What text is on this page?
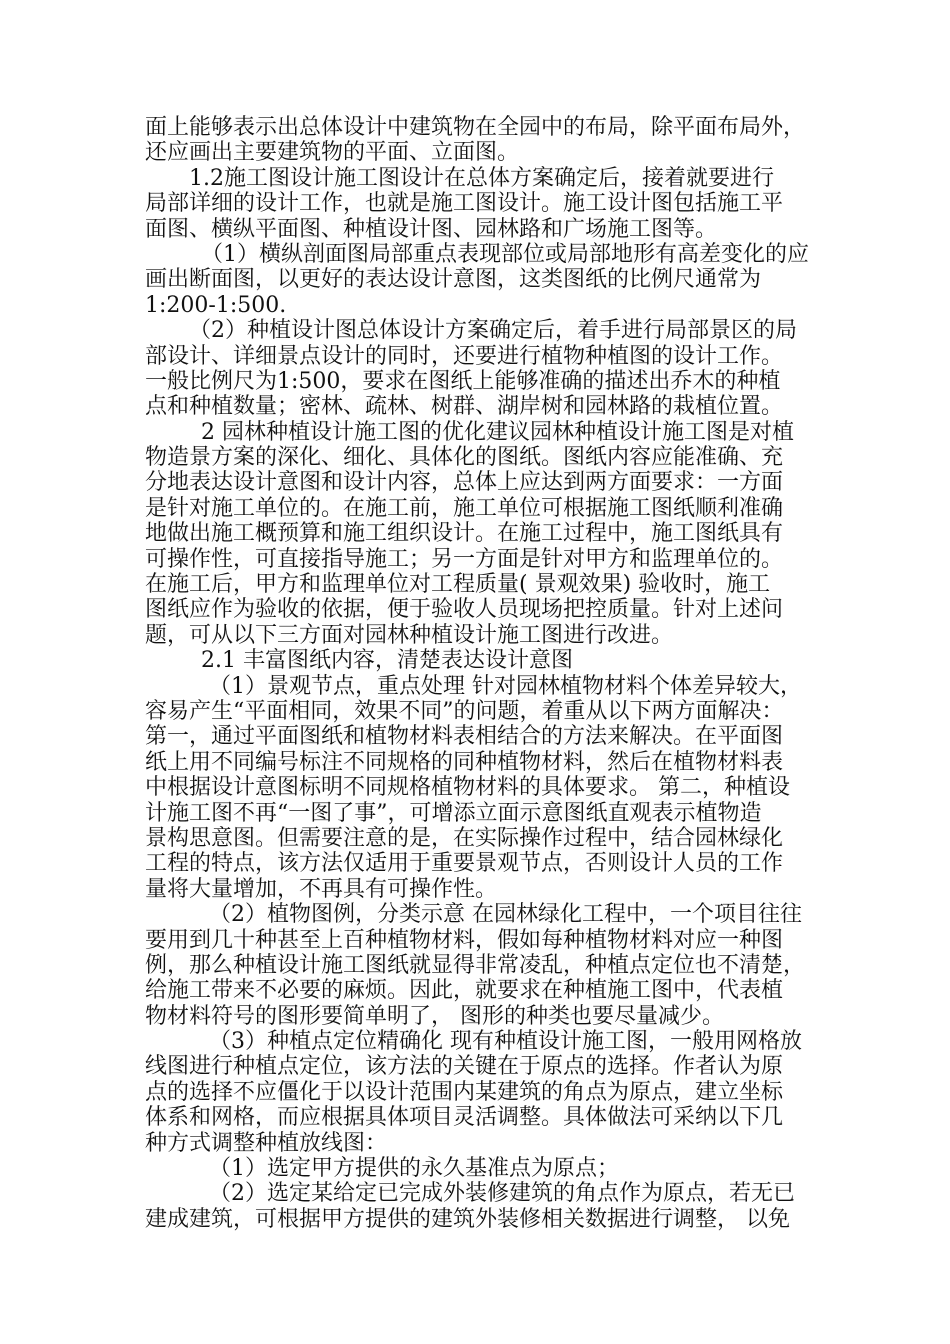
面上能够表示出总体设计中建筑物在全园中的布局，除平面布局外，
还应画出主要建筑物的平面、立面图。
1.2施工图设计施工图设计在总体方案确定后，接着就要进行
局部详细的设计工作，也就是施工图设计。施工设计图包括施工平
面图、横纵平面图、种植设计图、园林路和广场施工图等。
（1）横纵剖面图局部重点表现部位或局部地形有高差变化的应
画出断面图，以更好的表达设计意图，这类图纸的比例尺通常为
1:200-1:500.
（2）种植设计图总体设计方案确定后，着手进行局部景区的局
部设计、详细景点设计的同时，还要进行植物种植图的设计工作。
一般比例尺为1:500，要求在图纸上能够准确的描述出乔木的种植
点和种植数量；密林、疏林、树群、湖岸树和园林路的栽植位置。
2 园林种植设计施工图的优化建议园林种植设计施工图是对植
物造景方案的深化、细化、具体化的图纸。图纸内容应能准确、充
分地表达设计意图和设计内容，总体上应达到两方面要求：一方面
是针对施工单位的。在施工前，施工单位可根据施工图纸顺利准确
地做出施工概预算和施工组织设计。在施工过程中，施工图纸具有
可操作性，可直接指导施工；另一方面是针对甲方和监理单位的。
在施工后，甲方和监理单位对工程质量( 景观效果) 验收时，施工
图纸应作为验收的依据，便于验收人员现场把控质量。针对上述问
题，可从以下三方面对园林种植设计施工图进行改进。
2.1 丰富图纸内容，清楚表达设计意图
（1）景观节点，重点处理 针对园林植物材料个体差异较大，
容易产生“平面相同，效果不同”的问题，着重从以下两方面解决：
第一，通过平面图纸和植物材料表相结合的方法来解决。在平面图
纸上用不同编号标注不同规格的同种植物材料，然后在植物材料表
中根据设计意图标明不同规格植物材料的具体要求。 第二，种植设
计施工图不再“一图了事”，可增添立面示意图纸直观表示植物造
景构思意图。但需要注意的是，在实际操作过程中，结合园林绿化
工程的特点，该方法仅适用于重要景观节点，否则设计人员的工作
量将大量增加，不再具有可操作性。
（2）植物图例，分类示意 在园林绿化工程中，一个项目往往
要用到几十种甚至上百种植物材料，假如每种植物材料对应一种图
例，那么种植设计施工图纸就显得非常凌乱，种植点定位也不清楚，
给施工带来不必要的麻烦。因此，就要求在种植施工图中，代表植
物材料符号的图形要简单明了， 图形的种类也要尽量减少。
（3）种植点定位精确化 现有种植设计施工图，一般用网格放
线图进行种植点定位，该方法的关键在于原点的选择。作者认为原
点的选择不应僵化于以设计范围内某建筑的角点为原点，建立坐标
体系和网格，而应根据具体项目灵活调整。具体做法可采纳以下几
种方式调整种植放线图：
（1）选定甲方提供的永久基准点为原点；
（2）选定某给定已完成外装修建筑的角点作为原点，若无已
建成建筑，可根据甲方提供的建筑外装修相关数据进行调整， 以免
